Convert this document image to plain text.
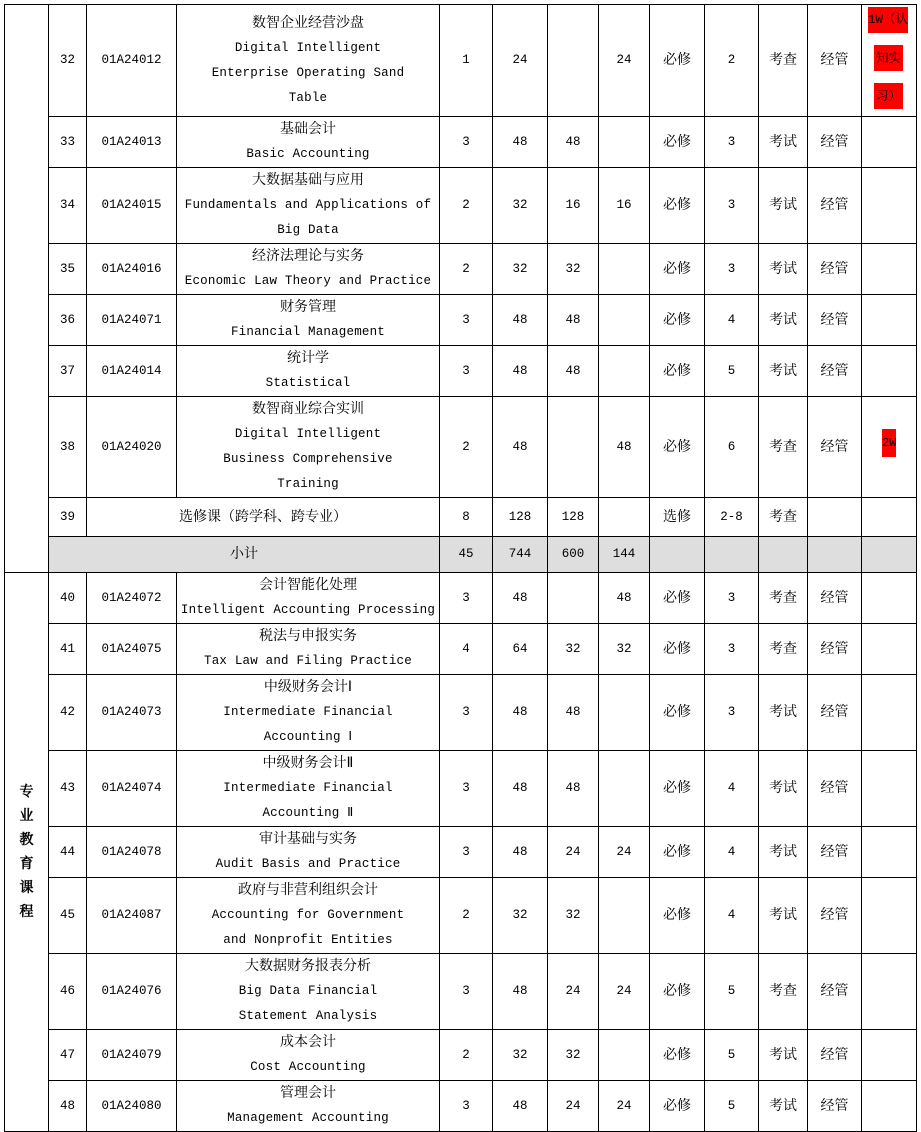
	32	01A24012	数智企业经营沙盘
Digital Intelligent Enterprise Operating Sand Table	1	24		24	必修	2	考查	经管	1W（认
知实
习）

	33	01A24013	基础会计
Basic Accounting	3	48	48		必修	3	考试	经管	
	34	01A24015	大数据基础与应用
Fundamentals and Applications of Big Data	2	32	16	16	必修	3	考试	经管	
	35	01A24016	经济法理论与实务
Economic Law Theory and Practice	2	32	32		必修	3	考试	经管	
	36	01A24071	财务管理
Financial Management	3	48	48		必修	4	考试	经管	
	37	01A24014	统计学
Statistical	3	48	48		必修	5	考试	经管	
	38	01A24020	数智商业综合实训
Digital Intelligent Business Comprehensive Training	2	48		48	必修	6	考查	经管	2W
	39	选修课（跨学科、跨专业）		8	128	128		选修	2-8	考查		
	小计			45	744	600	144					
专业教育课程	40	01A24072	会计智能化处理
Intelligent Accounting Processing	3	48		48	必修	3	考查	经管	
	41	01A24075	税法与申报实务
Tax Law and Filing Practice	4	64	32	32	必修	3	考查	经管	
	42	01A24073	中级财务会计Ⅰ
Intermediate Financial Accounting Ⅰ	3	48	48		必修	3	考试	经管	
	43	01A24074	中级财务会计Ⅱ
Intermediate Financial Accounting Ⅱ	3	48	48		必修	4	考试	经管	
	44	01A24078	审计基础与实务
Audit Basis and Practice	3	48	24	24	必修	4	考试	经管	
	45	01A24087	政府与非营利组织会计
Accounting for Government and Nonprofit Entities	2	32	32		必修	4	考试	经管	
	46	01A24076	大数据财务报表分析
Big Data Financial Statement Analysis	3	48	24	24	必修	5	考查	经管	
	47	01A24079	成本会计
Cost Accounting	2	32	32		必修	5	考试	经管	
	48	01A24080	管理会计
Management Accounting	3	48	24	24	必修	5	考试	经管	
